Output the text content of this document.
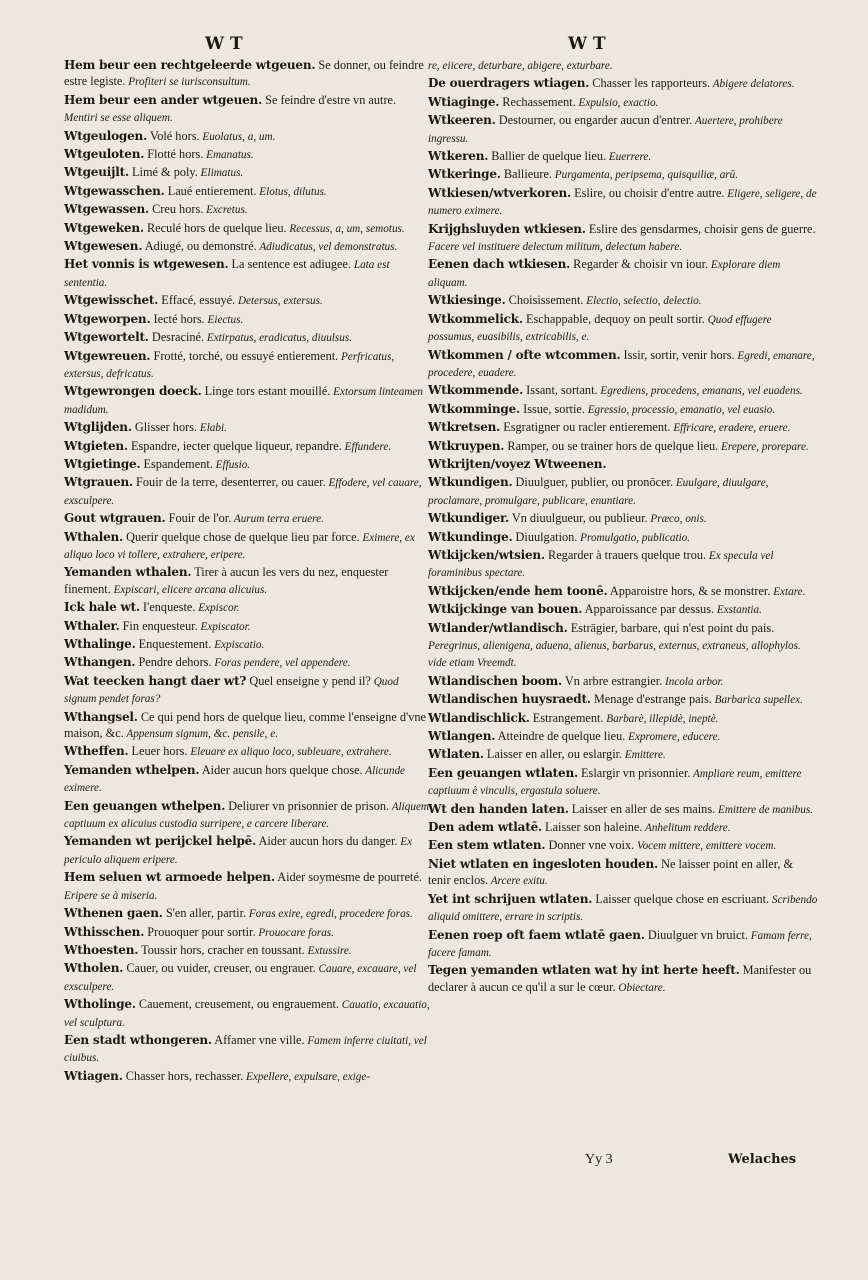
W T	W T

Hem beur een rechtgeleerde wtgeuen. Se donner, ou feindre estre legiste. Profiteri se iurisconsultum.

Hem beur een ander wtgeuen. Se feindre d'estre vn autre. Mentiri se esse aliquem.

Wtgeulogen. Volé hors. Euolatus, a, um.

Wtgeuloten. Flotté hors. Emanatus.

Wtgeuijlt. Limé & poly. Elimatus.

Wtgewasschen. Laué entierement. Elotus, dilutus.

Wtgewassen. Creu hors. Excretus.

Wtgeweken. Reculé hors de quelque lieu. Recessus, a, um, semotus.

Wtgewesen. Adiugé, ou demonstré. Adiudicatus, vel demonstratus.

Het vonnis is wtgewesen. La sentence est adiugee. Lata est sententia.

Wtgewisschet. Effacé, essuyé. Detersus, extersus.

Wtgeworpen. Iecté hors. Eiectus.

Wtgewortelt. Desraciné. Extirpatus, eradicatus, diuulsus.

Wtgewreuen. Frotté, torché, ou essuyé entierement. Perfricatus, extersus, defricatus.

Wtgewrongen doeck. Linge tors estant mouillé. Extorsum linteamen madidum.

Wtglijden. Glisser hors. Elabi.

Wtgieten. Espandre, iecter quelque liqueur, repandre. Effundere.

Wtgietinge. Espandement. Effusio.

Wtgrauen. Fouir de la terre, desenterrer, ou cauer. Effodere, vel cauare, exsculpere.

Gout wtgrauen. Fouir de l'or. Aurum terra eruere.

Wthalen. Querir quelque chose de quelque lieu par force. Eximere, ex aliquo loco vi tollere, extrahere, eripere.

Yemanden wthalen. Tirer à aucun les vers du nez, enquester finement. Expiscari, elicere arcana alicuius.

Ick hale wt. I'enqueste. Expiscor.

Wthaler. Fin enquesteur. Expiscator.

Wthalinge. Enquestement. Expiscatio.

Wthangen. Pendre dehors. Foras pendere, vel appendere.

Wat teecken hangt daer wt? Quel enseigne y pend il? Quod signum pendet foras?

Wthangsel. Ce qui pend hors de quelque lieu, comme l'enseigne d'vne maison, &c. Appensum signum, &c. pensile, e.

Wtheffen. Leuer hors. Eleuare ex aliquo loco, subleuare, extrahere.

Yemanden wthelpen. Aider aucun hors quelque chose. Alicunde eximere.

Een geuangen wthelpen. Deliurer vn prisonnier de prison. Aliquem captiuum ex alicuius custodia surripere, e carcere liberare.

Yemanden wt perijckel helpē. Aider aucun hors du danger. Ex periculo aliquem eripere.

Hem seluen wt armoede helpen. Aider soymesme de pourreté. Eripere se à miseria.

Wthenen gaen. S'en aller, partir. Foras exire, egredi, procedere foras.

Wthisschen. Prouoquer pour sortir. Prouocare foras.

Wthoesten. Toussir hors, cracher en toussant. Extussire.

Wtholen. Cauer, ou vuider, creuser, ou engrauer. Cauare, excauare, vel exsculpere.

Wtholinge. Cauement, creusement, ou engrauement. Cauatio, excauatio, vel sculptura.

Een stadt wthongeren. Affamer vne ville. Famem inferre ciuitati, vel ciuibus.

Wtiagen. Chasser hors, rechasser. Expellere, expulsare, exige-

re, eiicere, deturbare, abigere, exturbare.

De ouerdragers wtiagen. Chasser les rapporteurs. Abigere delatores.

Wtiaginge. Rechassement. Expulsio, exactio.

Wtkeeren. Destourner, ou engarder aucun d'entrer. Auertere, prohibere ingressu.

Wtkeren. Ballier de quelque lieu. Euerrere.

Wtkeringe. Ballieure. Purgamenta, peripsema, quisquiliæ, arū.

Wtkiesen/wtverkoren. Eslire, ou choisir d'entre autre. Eligere, seligere, de numero eximere.

Krijghsluyden wtkiesen. Eslire des gensdarmes, choisir gens de guerre. Facere vel instituere delectum militum, delectum habere.

Eenen dach wtkiesen. Regarder & choisir vn iour. Explorare diem aliquam.

Wtkiesinge. Choisissement. Electio, selectio, delectio.

Wtkommelick. Eschappable, dequoy on peult sortir. Quod effugere possumus, euasibilis, extricabilis, e.

Wtkommen / ofte wtcommen. Issir, sortir, venir hors. Egredi, emanare, procedere, euadere.

Wtkommende. Issant, sortant. Egrediens, procedens, emanans, vel euadens.

Wtkomminge. Issue, sortie. Egressio, processio, emanatio, vel euasio.

Wtkretsen. Esgratigner ou racler entierement. Effricare, eradere, eruere.

Wtkruypen. Ramper, ou se trainer hors de quelque lieu. Erepere, prorepare.

Wtkrijten/voyez Wtweenen.

Wtkundigen. Diuulguer, publier, ou pronōcer. Euulgare, diuulgare, proclamare, promulgare, publicare, enuntiare.

Wtkundiger. Vn diuulgueur, ou publieur. Præco, onis.

Wtkundinge. Diuulgation. Promulgatio, publicatio.

Wtkijcken/wtsien. Regarder à trauers quelque trou. Ex specula vel foraminibus spectare.

Wtkijcken/ende hem toonē. Apparoistre hors, & se monstrer. Extare.

Wtkijckinge van bouen. Apparoissance par dessus. Exstantia.

Wtlander/wtlandisch. Estrāgier, barbare, qui n'est point du pais. Peregrinus, alienigena, aduena, alienus, barbarus, externus, extraneus, allophylos. vide etiam Vreemdt.

Wtlandischen boom. Vn arbre estrangier. Incola arbor.

Wtlandischen huysraedt. Menage d'estrange pais. Barbarica supellex.

Wtlandischlick. Estrangement. Barbarè, illepidè, ineptè.

Wtlangen. Atteindre de quelque lieu. Expromere, educere.

Wtlaten. Laisser en aller, ou eslargir. Emittere.

Een geuangen wtlaten. Eslargir vn prisonnier. Ampliare reum, emittere captiuum è vinculis, ergastula soluere.

Wt den handen laten. Laisser en aller de ses mains. Emittere de manibus.

Den adem wtlatē. Laisser son haleine. Anhelitum reddere.

Een stem wtlaten. Donner vne voix. Vocem mittere, emittere vocem.

Niet wtlaten en ingesloten houden. Ne laisser point en aller, & tenir enclos. Arcere exitu.

Yet int schrijuen wtlaten. Laisser quelque chose en escriuant. Scribendo aliquid omittere, errare in scriptis.

Eenen roep oft faem wtlatē gaen. Diuulguer vn bruict. Famam ferre, facere famam.

Tegen yemanden wtlaten wat hy int herte heeft. Manifester ou declarer à aucun ce qu'il a sur le cœur. Obiectare.

Yy 3	Welaches
